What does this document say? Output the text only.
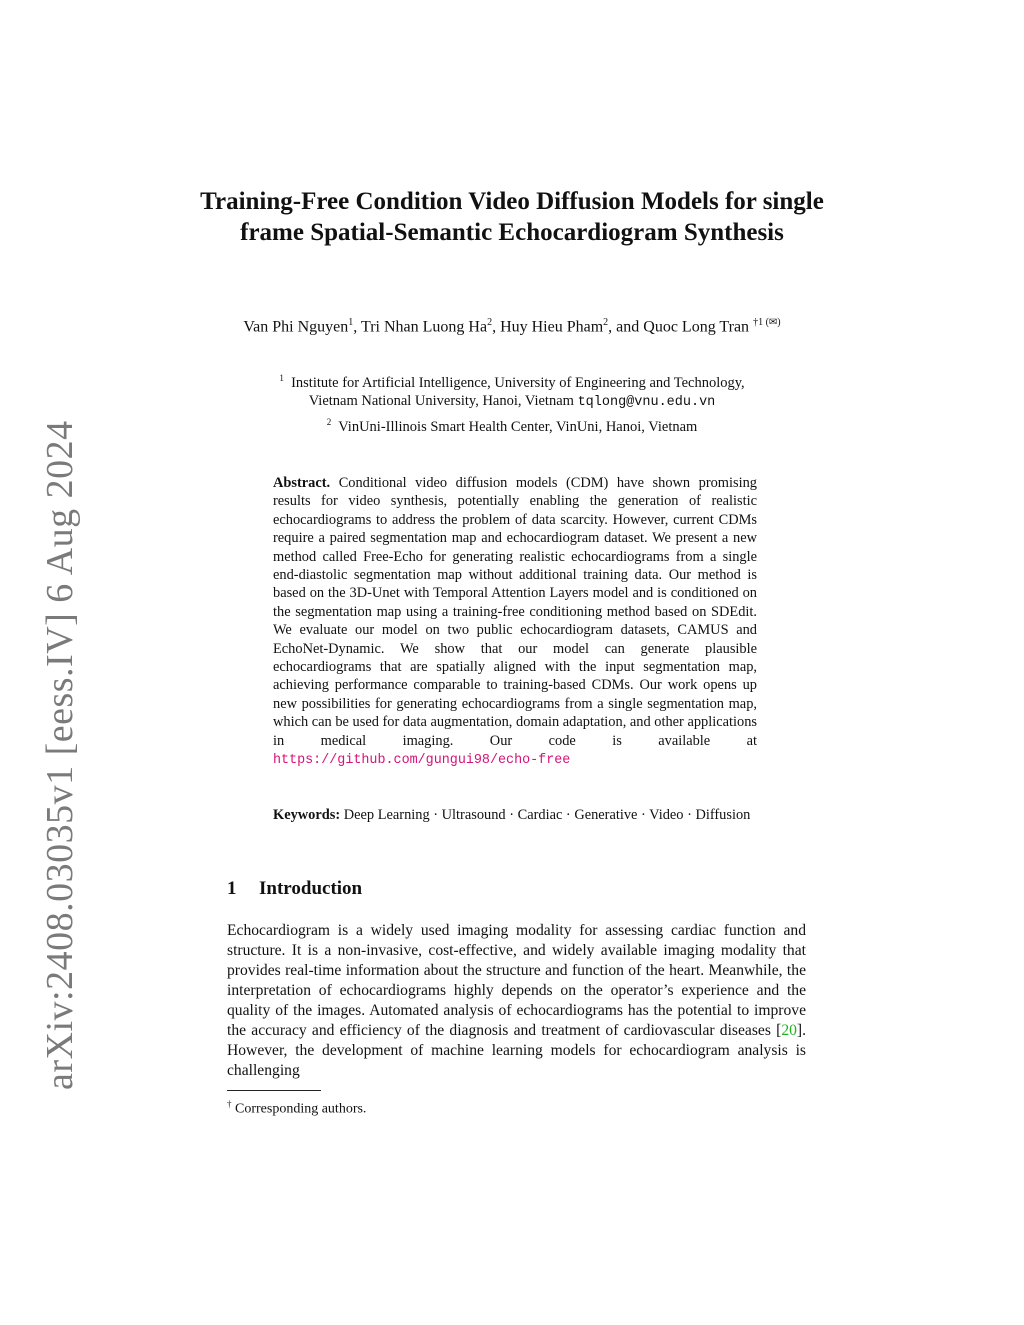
arXiv:2408.03035v1 [eess.IV] 6 Aug 2024
Training-Free Condition Video Diffusion Models for single frame Spatial-Semantic Echocardiogram Synthesis
Van Phi Nguyen$^1$, Tri Nhan Luong Ha$^2$, Huy Hieu Pham$^2$, and Quoc Long Tran $^{\dagger 1 (✉)}$
$^1$ Institute for Artificial Intelligence, University of Engineering and Technology,
Vietnam National University, Hanoi, Vietnam tqlong@vnu.edu.vn
$^2$ VinUni-Illinois Smart Health Center, VinUni, Hanoi, Vietnam
Abstract. Conditional video diffusion models (CDM) have shown promising results for video synthesis, potentially enabling the generation of realistic echocardiograms to address the problem of data scarcity. However, current CDMs require a paired segmentation map and echocardiogram dataset. We present a new method called Free-Echo for generating realistic echocardiograms from a single end-diastolic segmentation map without additional training data. Our method is based on the 3D-Unet with Temporal Attention Layers model and is conditioned on the segmentation map using a training-free conditioning method based on SDEdit. We evaluate our model on two public echocardiogram datasets, CAMUS and EchoNet-Dynamic. We show that our model can generate plausible echocardiograms that are spatially aligned with the input segmentation map, achieving performance comparable to training-based CDMs. Our work opens up new possibilities for generating echocardiograms from a single segmentation map, which can be used for data augmentation, domain adaptation, and other applications in medical imaging. Our code is available at https://github.com/gungui98/echo-free
Keywords: Deep Learning · Ultrasound · Cardiac · Generative · Video · Diffusion
1 Introduction

Echocardiogram is a widely used imaging modality for assessing cardiac function and structure. It is a non-invasive, cost-effective, and widely available imaging modality that provides real-time information about the structure and function of the heart. Meanwhile, the interpretation of echocardiograms highly depends on the operator’s experience and the quality of the images. Automated analysis of echocardiograms has the potential to improve the accuracy and efficiency of the diagnosis and treatment of cardiovascular diseases [20]. However, the development of machine learning models for echocardiogram analysis is challenging

† Corresponding authors.
